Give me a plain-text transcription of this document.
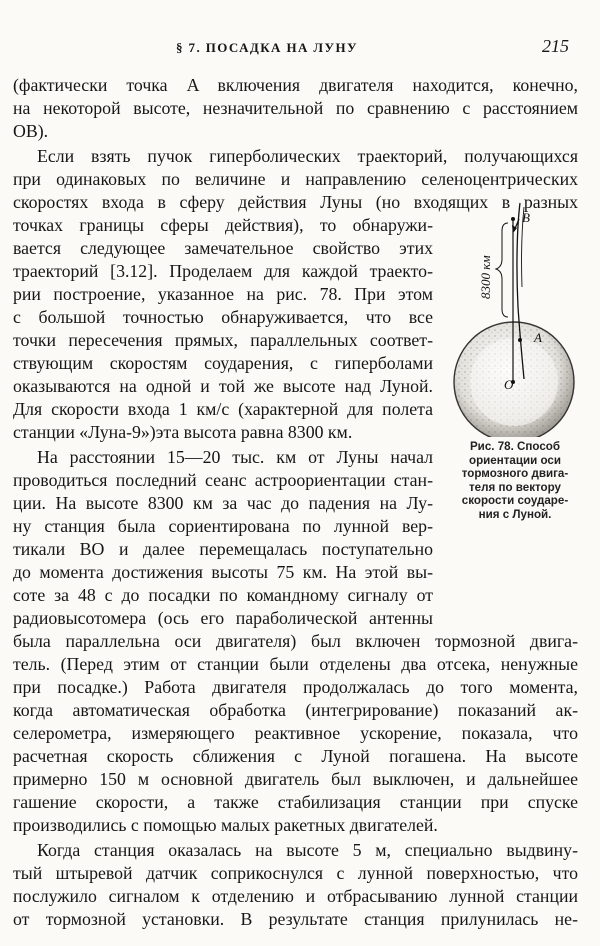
§ 7. ПОСАДКА НА ЛУНУ	215
(фактически точка A включения двигателя находится, конечно,
на некоторой высоте, незначительной по сравнению с расстоянием
OB).
Если взять пучок гиперболических траекторий, получающихся
при одинаковых по величине и направлению селеноцентрических
скоростях входа в сферу действия Луны (но входящих в разных
точках границы сферы действия), то обнаружи-
вается следующее замечательное свойство этих
траекторий [3.12]. Проделаем для каждой траекто-
рии построение, указанное на рис. 78. При этом
с большой точностью обнаруживается, что все
точки пересечения прямых, параллельных соответ-
ствующим скоростям соударения, с гиперболами
оказываются на одной и той же высоте над Луной.
Для скорости входа 1 км/с (характерной для полета
станции «Луна-9»)эта высота равна 8300 км.
На расстоянии 15—20 тыс. км от Луны начал
проводиться последний сеанс астроориентации стан-
ции. На высоте 8300 км за час до падения на Лу-
ну станция была сориентирована по лунной вер-
тикали BO и далее перемещалась поступательно
до момента достижения высоты 75 км. На этой вы-
соте за 48 с до посадки по командному сигналу от
радиовысотомера (ось его параболической антенны
была параллельна оси двигателя) был включен тормозной двига-
тель. (Перед этим от станции были отделены два отсека, ненужные
при посадке.) Работа двигателя продолжалась до того момента,
когда автоматическая обработка (интегрирование) показаний ак-
селерометра, измеряющего реактивное ускорение, показала, что
расчетная скорость сближения с Луной погашена. На высоте
примерно 150 м основной двигатель был выключен, и дальнейшее
гашение скорости, а также стабилизация станции при спуске
производились с помощью малых ракетных двигателей.
Когда станция оказалась на высоте 5 м, специально выдвину-
тый штыревой датчик соприкоснулся с лунной поверхностью, что
послужило сигналом к отделению и отбрасыванию лунной станции
от тормозной установки. В результате станция прилунилась не-
B
A
O
8300 км
Рис. 78. Способ
ориентации оси
тормозного двига-
теля по вектору
скорости соударе-
ния с Луной.
